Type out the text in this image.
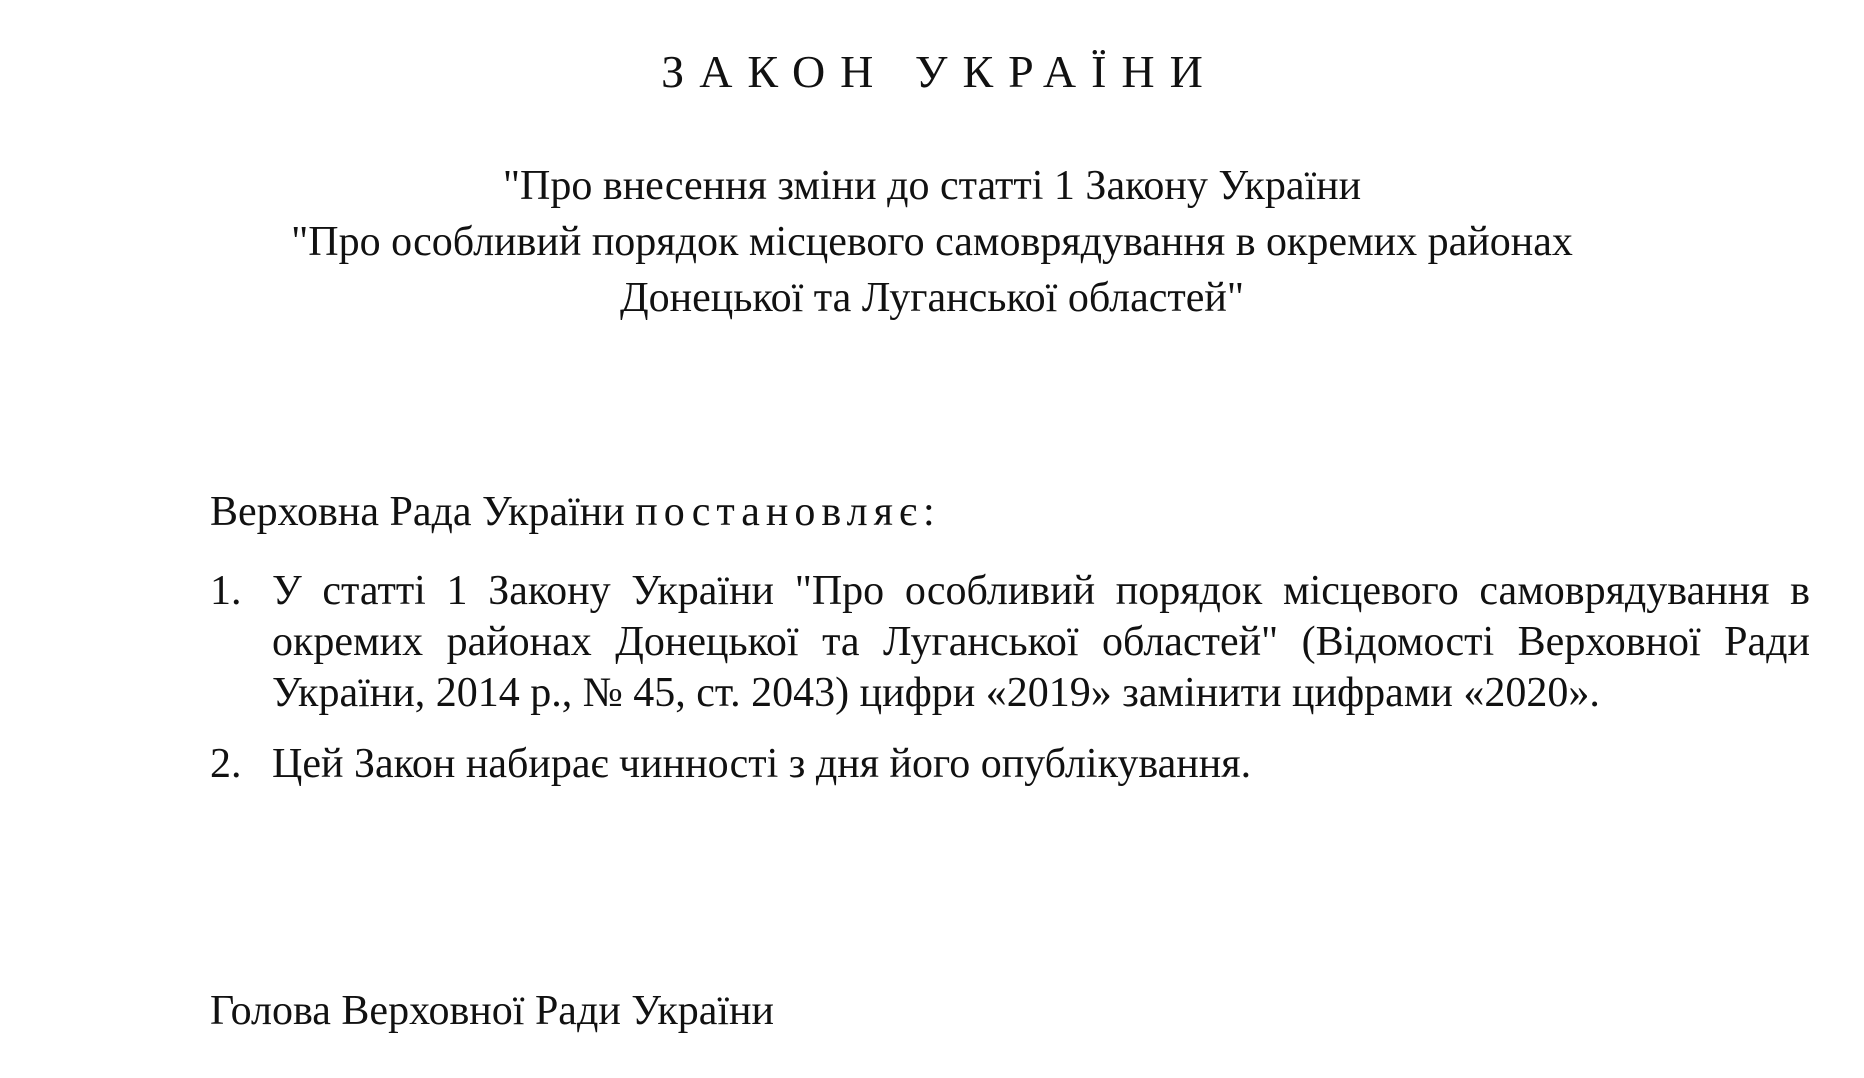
ЗАКОН УКРАЇНИ
"Про внесення зміни до статті 1 Закону України
"Про особливий порядок місцевого самоврядування в окремих районах
Донецької та Луганської областей"
Верховна Рада України постановляє:
1. У статті 1 Закону України "Про особливий порядок місцевого самоврядування в окремих районах Донецької та Луганської областей" (Відомості Верховної Ради України, 2014 р., № 45, ст. 2043) цифри «2019» замінити цифрами «2020».
2. Цей Закон набирає чинності з дня його опублікування.
Голова Верховної Ради України
